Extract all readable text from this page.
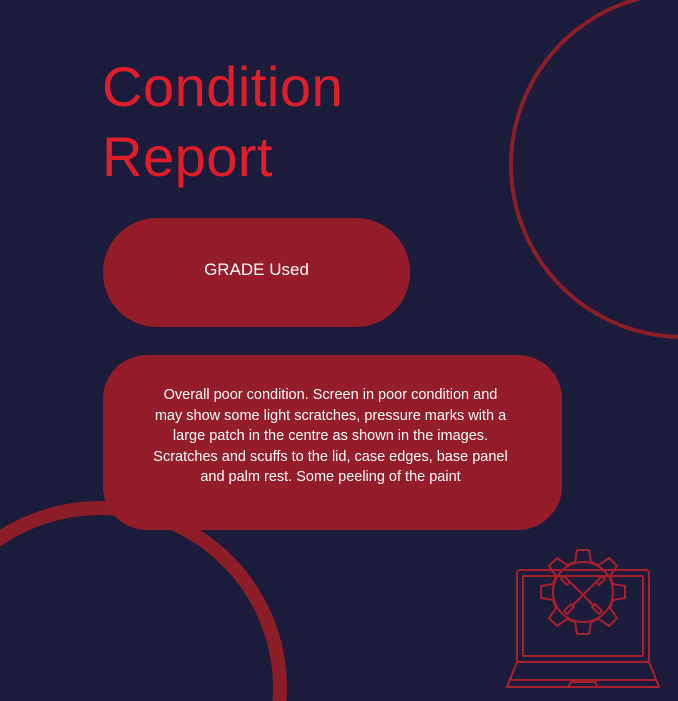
Condition
Report
GRADE Used

Overall poor condition. Screen in poor condition and may show some light scratches, pressure marks with a large patch in the centre as shown in the images. Scratches and scuffs to the lid, case edges, base panel and palm rest. Some peeling of the paint
